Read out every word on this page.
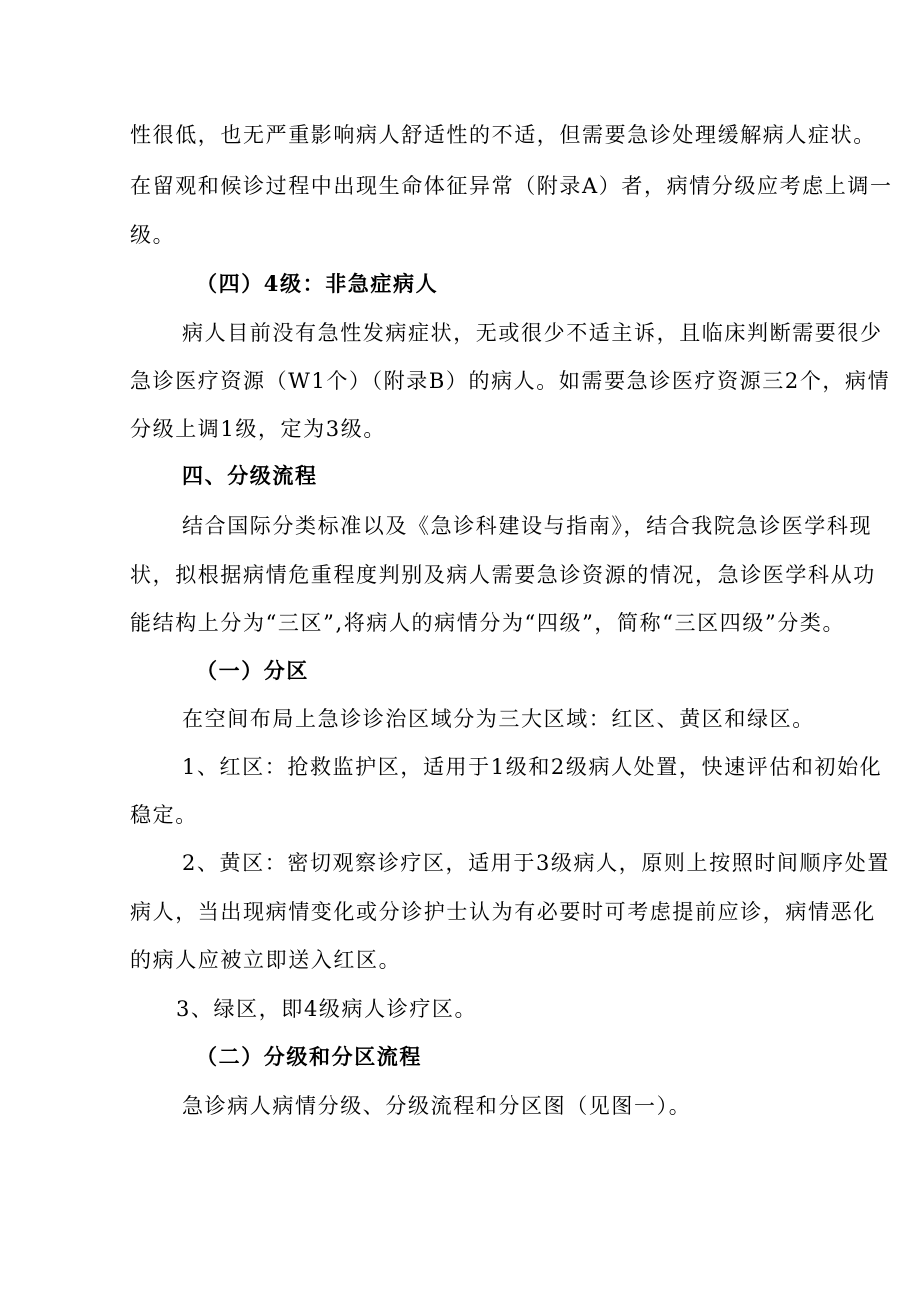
性很低，也无严重影响病人舒适性的不适，但需要急诊处理缓解病人症状。
在留观和候诊过程中出现生命体征异常（附录A）者，病情分级应考虑上调一
级。
（四）4级：非急症病人
病人目前没有急性发病症状，无或很少不适主诉，且临床判断需要很少
急诊医疗资源（W1个）（附录B）的病人。如需要急诊医疗资源三2个，病情
分级上调1级，定为3级。
四、分级流程
结合国际分类标准以及《急诊科建设与指南》，结合我院急诊医学科现
状，拟根据病情危重程度判别及病人需要急诊资源的情况，急诊医学科从功
能结构上分为“三区”,将病人的病情分为“四级”，简称“三区四级”分类。
（一）分区
在空间布局上急诊诊治区域分为三大区域：红区、黄区和绿区。
1、红区：抢救监护区，适用于1级和2级病人处置，快速评估和初始化
稳定。
2、黄区：密切观察诊疗区，适用于3级病人，原则上按照时间顺序处置
病人，当出现病情变化或分诊护士认为有必要时可考虑提前应诊，病情恶化
的病人应被立即送入红区。
3、绿区，即4级病人诊疗区。
（二）分级和分区流程
急诊病人病情分级、分级流程和分区图（见图一）。
